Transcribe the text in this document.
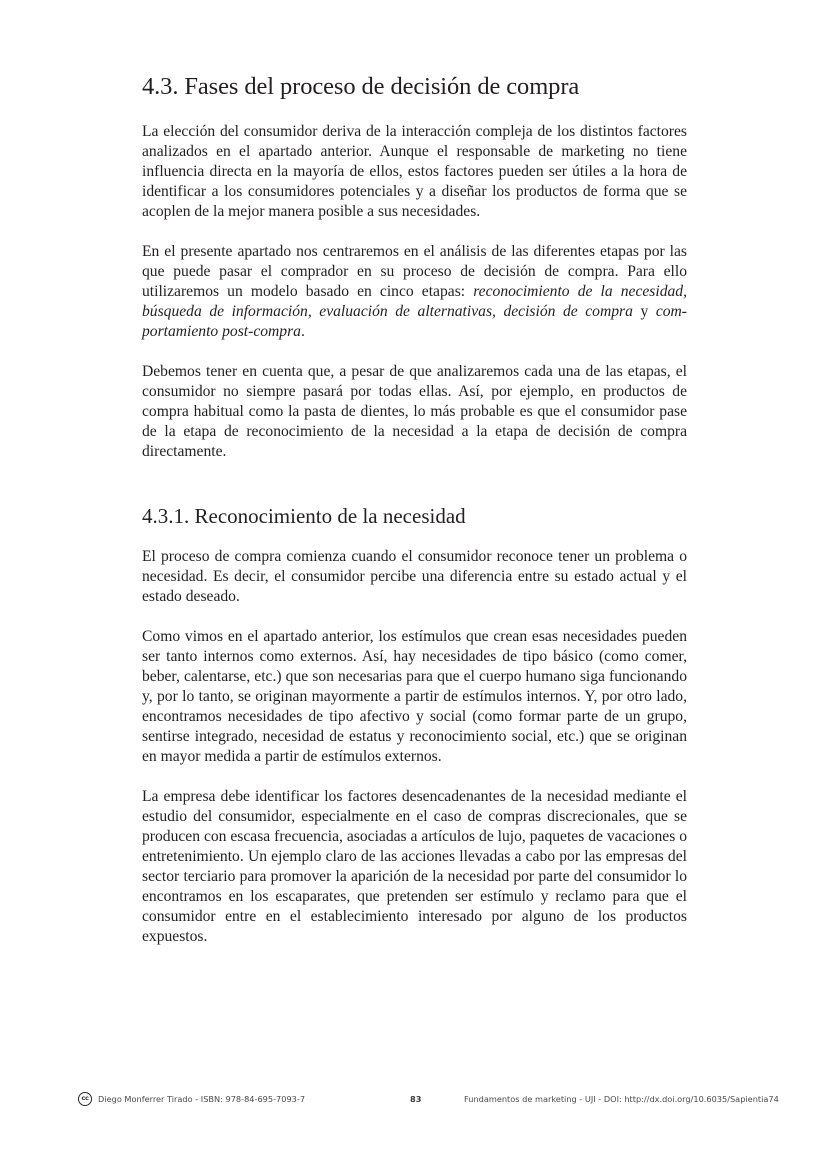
4.3. Fases del proceso de decisión de compra

La elección del consumidor deriva de la interacción compleja de los distintos factores analizados en el apartado anterior. Aunque el responsable de marketing no tiene influencia directa en la mayoría de ellos, estos factores pueden ser útiles a la hora de identificar a los consumidores potenciales y a diseñar los productos de forma que se acoplen de la mejor manera posible a sus necesidades.

En el presente apartado nos centraremos en el análisis de las diferentes etapas por las que puede pasar el comprador en su proceso de decisión de compra. Para ello utilizaremos un modelo basado en cinco etapas: reconocimiento de la necesidad, búsqueda de información, evaluación de alternativas, decisión de compra y comportamiento post-compra.

Debemos tener en cuenta que, a pesar de que analizaremos cada una de las etapas, el consumidor no siempre pasará por todas ellas. Así, por ejemplo, en productos de compra habitual como la pasta de dientes, lo más probable es que el consumidor pase de la etapa de reconocimiento de la necesidad a la etapa de decisión de compra directamente.

4.3.1. Reconocimiento de la necesidad

El proceso de compra comienza cuando el consumidor reconoce tener un problema o necesidad. Es decir, el consumidor percibe una diferencia entre su estado actual y el estado deseado.

Como vimos en el apartado anterior, los estímulos que crean esas necesidades pueden ser tanto internos como externos. Así, hay necesidades de tipo básico (como comer, beber, calentarse, etc.) que son necesarias para que el cuerpo humano siga funcionando y, por lo tanto, se originan mayormente a partir de estímulos internos. Y, por otro lado, encontramos necesidades de tipo afectivo y social (como formar parte de un grupo, sentirse integrado, necesidad de estatus y reconocimiento social, etc.) que se originan en mayor medida a partir de estímulos externos.

La empresa debe identificar los factores desencadenantes de la necesidad mediante el estudio del consumidor, especialmente en el caso de compras discrecionales, que se producen con escasa frecuencia, asociadas a artículos de lujo, paquetes de vacaciones o entretenimiento. Un ejemplo claro de las acciones llevadas a cabo por las empresas del sector terciario para promover la aparición de la necesidad por parte del consumidor lo encontramos en los escaparates, que pretenden ser estímulo y reclamo para que el consumidor entre en el establecimiento interesado por alguno de los productos expuestos.

cc	Diego Monferrer Tirado - ISBN: 978-84-695-7093-7	83	Fundamentos de marketing - UJI - DOI: http://dx.doi.org/10.6035/Sapientia74
